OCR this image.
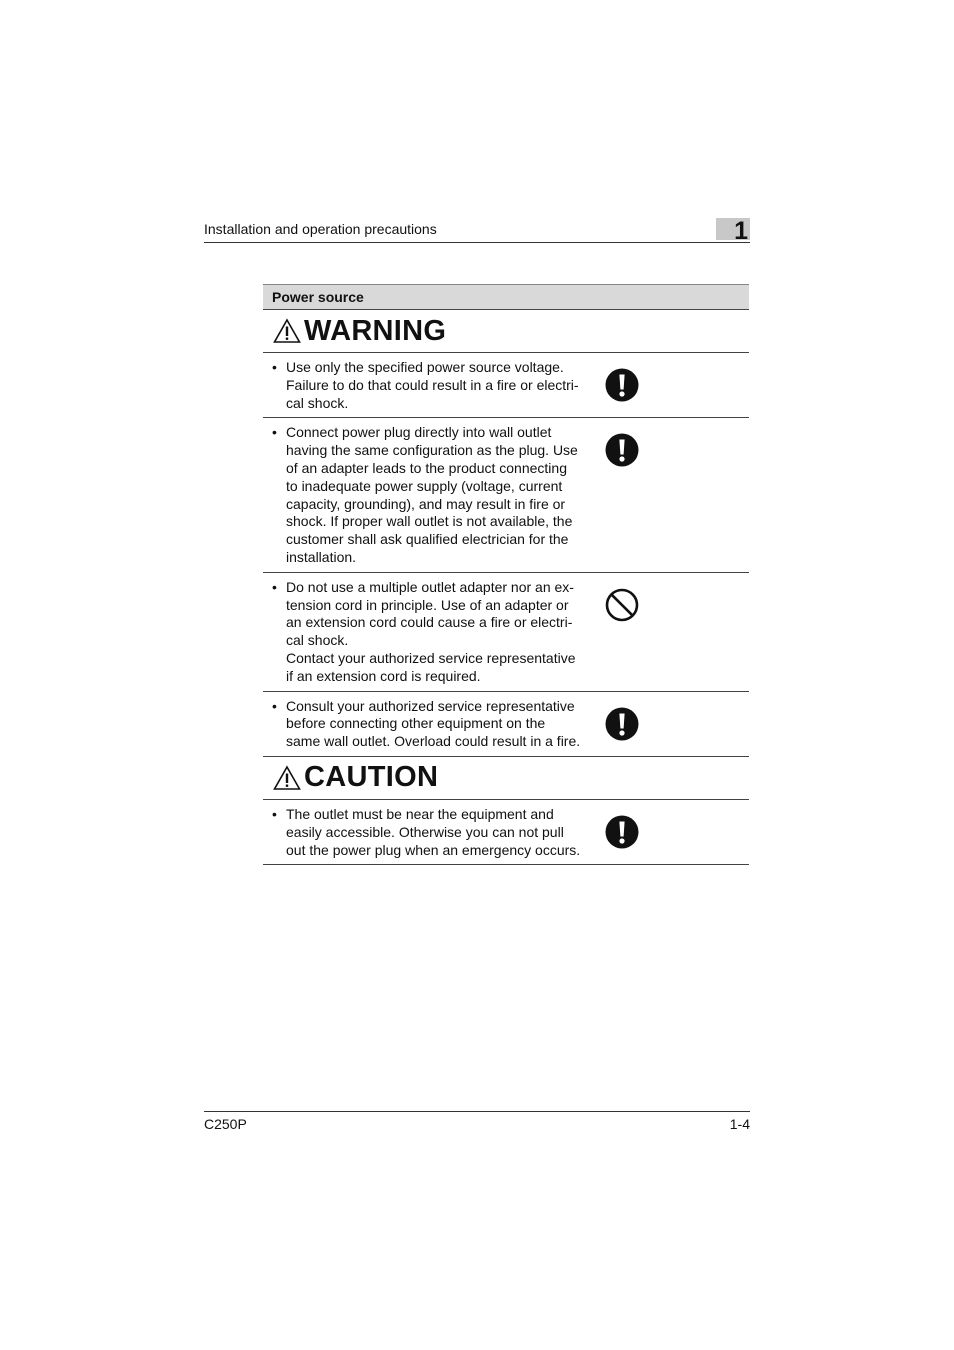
Installation and operation precautions	1
Power source
WARNING
• Use only the specified power source voltage.
Failure to do that could result in a fire or electri-
cal shock.
• Connect power plug directly into wall outlet
having the same configuration as the plug. Use
of an adapter leads to the product connecting
to inadequate power supply (voltage, current
capacity, grounding), and may result in fire or
shock. If proper wall outlet is not available, the
customer shall ask qualified electrician for the
installation.
• Do not use a multiple outlet adapter nor an ex-
tension cord in principle. Use of an adapter or
an extension cord could cause a fire or electri-
cal shock.
Contact your authorized service representative
if an extension cord is required.
• Consult your authorized service representative
before connecting other equipment on the
same wall outlet. Overload could result in a fire.
CAUTION
• The outlet must be near the equipment and
easily accessible. Otherwise you can not pull
out the power plug when an emergency occurs.
C250P	1-4
